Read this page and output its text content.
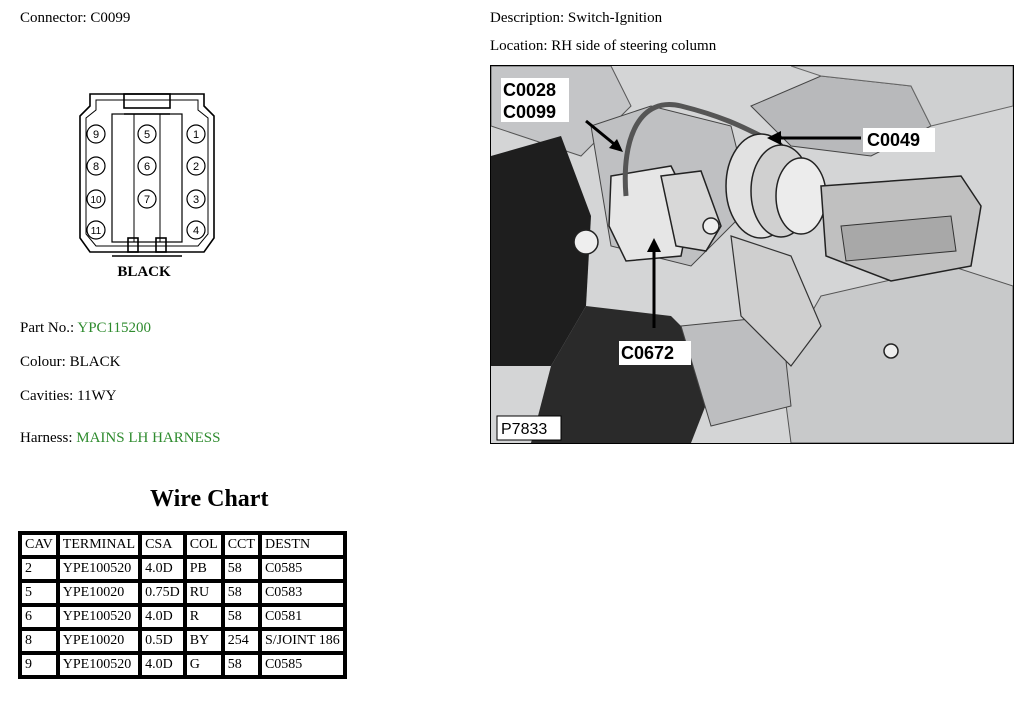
Connector: C0099	Description: Switch-Ignition
Location: RH side of steering column
9	5	1
8	6	2
10	7	3
11	4
BLACK
Part No.: YPC115200
Colour: BLACK
Cavities: 11WY
Harness: MAINS LH HARNESS
Wire Chart
CAV	TERMINAL	CSA	COL	CCT	DESTN
2	YPE100520	4.0D	PB	58	C0585
5	YPE10020	0.75D	RU	58	C0583
6	YPE100520	4.0D	R	58	C0581
8	YPE10020	0.5D	BY	254	S/JOINT 186
9	YPE100520	4.0D	G	58	C0585
C0028
C0099
C0049
C0672
P7833
